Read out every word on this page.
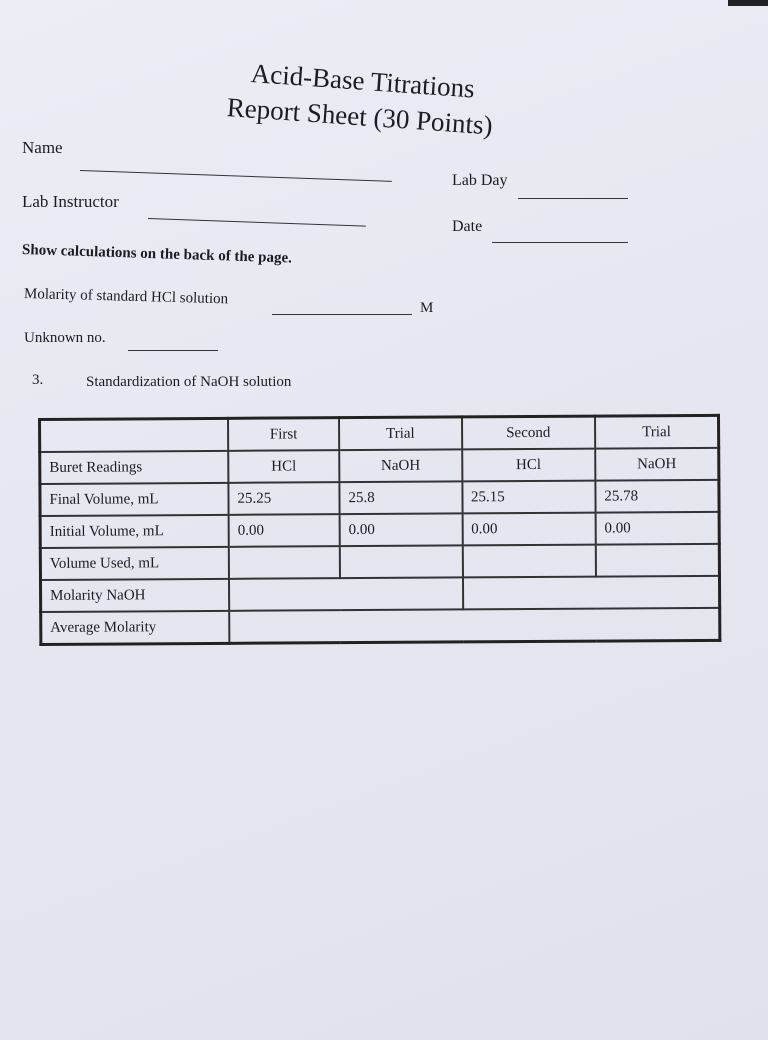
Acid-Base Titrations
Report Sheet (30 Points)
Name
Lab Day
Lab Instructor
Date
Show calculations on the back of the page.
Molarity of standard HCl solution
M
Unknown no.
3.	Standardization of NaOH solution
	First	Trial	Second	Trial
Buret Readings	HCl	NaOH	HCl	NaOH
Final Volume, mL	25.25	25.8	25.15	25.78
Initial Volume, mL	0.00	0.00	0.00	0.00
Volume Used, mL				
Molarity NaOH				
Average Molarity				
